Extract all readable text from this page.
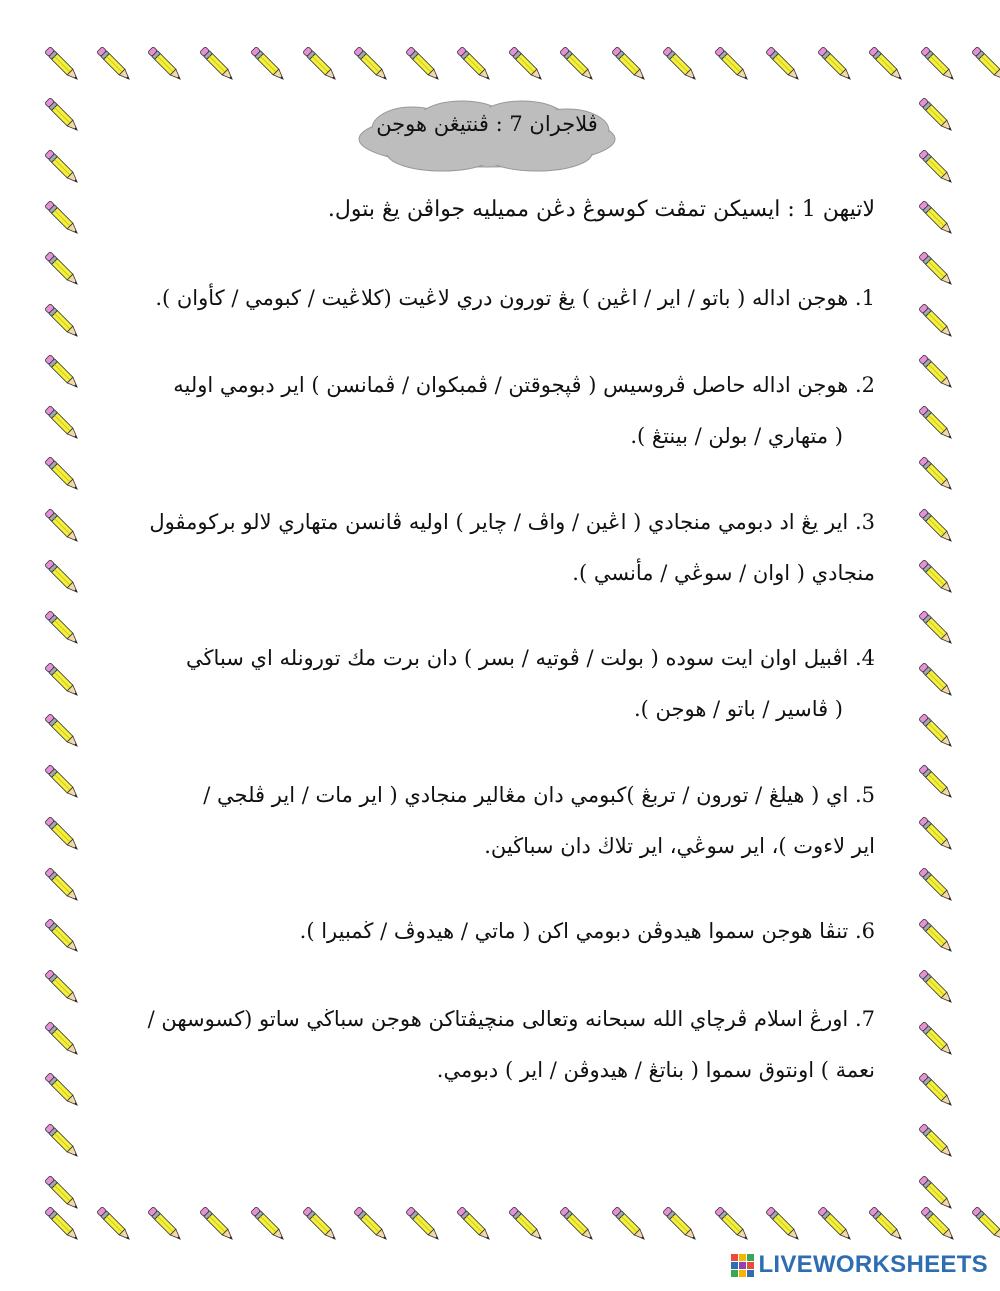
ڤلاجران 7 : ڤنتيڠن هوجن
لاتيهن 1 : ايسيكن تمڤت كوسوڠ دڠن مميليه جواڤن يڠ بتول.
1. هوجن اداله ( باتو / اير / اڠين ) يڠ تورون دري لاڠيت (كلاڠيت / كبومي / كأوان ).
2. هوجن اداله حاصل ڤروسيس ( ڤڽجوقتن / ڤمبكوان / ڤمانسن ) اير دبومي اوليه
( متهاري / بولن / بينتڠ ).
3. اير يڠ اد دبومي منجادي ( اڠين / واڤ / چاير ) اوليه ڤانسن متهاري لالو بركومڤول
منجادي ( اوان / سوڠي / مأنسي ).
4. اڤبيل اوان ايت سوده ( بولت / ڤوتيه / بسر ) دان برت مك تورونله اي سباڬي
( ڤاسير / باتو / هوجن ).
5. اي ( هيلڠ / تورون / تربڠ )كبومي دان مڠالير منجادي ( اير مات / اير ڤلجي /
اير لاءوت )، اير سوڠي، اير تلاڬ دان سباڬين.
6. تنڤا هوجن سموا هيدوڤن دبومي اكن ( ماتي / هيدوڤ / ڬمبيرا ).
7. اورڠ اسلام ڤرچاي الله سبحانه وتعالى منچيڤتاكن هوجن سباڬي ساتو (كسوسهن /
نعمة ) اونتوق سموا ( بناتڠ / هيدوڤن / اير ) دبومي.
LIVEWORKSHEETS
